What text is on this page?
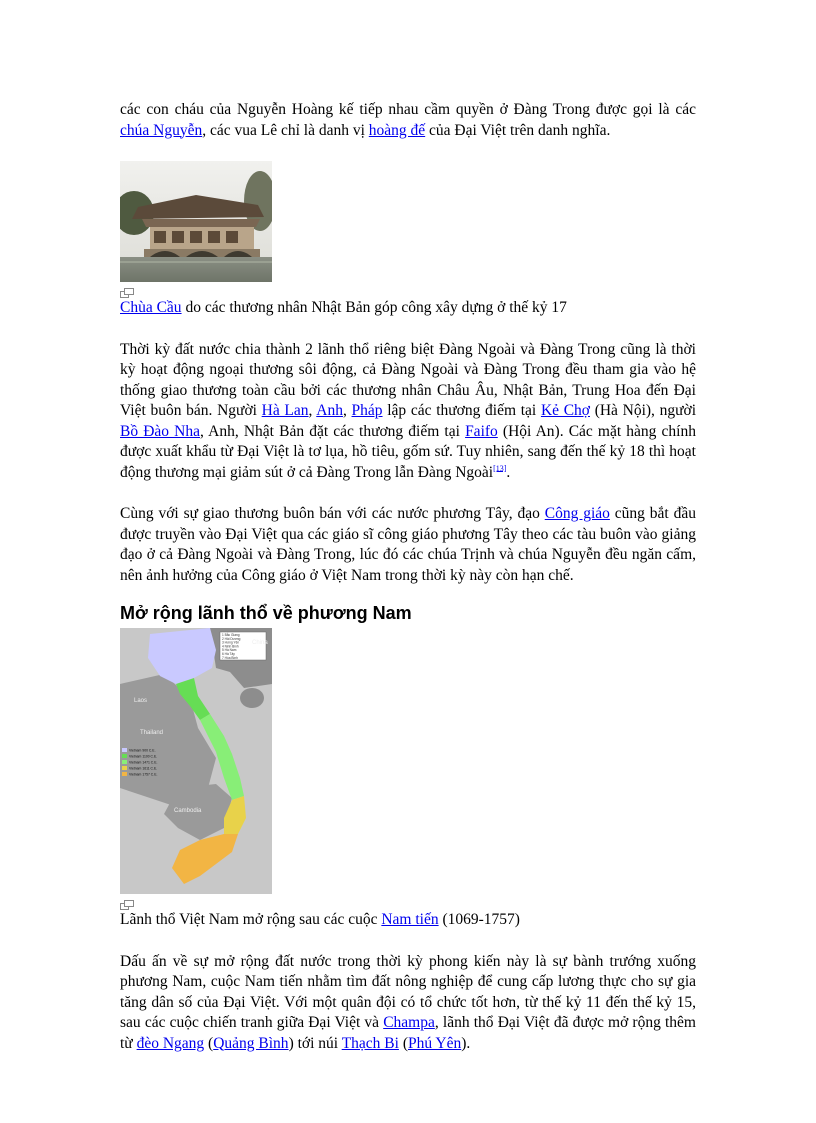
các con cháu của Nguyễn Hoàng kế tiếp nhau cầm quyền ở Đàng Trong được gọi là các chúa Nguyễn, các vua Lê chỉ là danh vị hoàng đế của Đại Việt trên danh nghĩa.

Chùa Cầu do các thương nhân Nhật Bản góp công xây dựng ở thế kỷ 17

Thời kỳ đất nước chia thành 2 lãnh thổ riêng biệt Đàng Ngoài và Đàng Trong cũng là thời kỳ hoạt động ngoại thương sôi động, cả Đàng Ngoài và Đàng Trong đều tham gia vào hệ thống giao thương toàn cầu bởi các thương nhân Châu Âu, Nhật Bản, Trung Hoa đến Đại Việt buôn bán. Người Hà Lan, Anh, Pháp lập các thương điếm tại Kẻ Chợ (Hà Nội), người Bồ Đào Nha, Anh, Nhật Bản đặt các thương điếm tại Faifo (Hội An). Các mặt hàng chính được xuất khẩu từ Đại Việt là tơ lụa, hồ tiêu, gốm sứ. Tuy nhiên, sang đến thế kỷ 18 thì hoạt động thương mại giảm sút ở cả Đàng Trong lẫn Đàng Ngoài[13].

Cùng với sự giao thương buôn bán với các nước phương Tây, đạo Công giáo cũng bắt đầu được truyền vào Đại Việt qua các giáo sĩ công giáo phương Tây theo các tàu buôn vào giảng đạo ở cả Đàng Ngoài và Đàng Trong, lúc đó các chúa Trịnh và chúa Nguyễn đều ngăn cấm, nên ảnh hưởng của Công giáo ở Việt Nam trong thời kỳ này còn hạn chế.

Mở rộng lãnh thổ về phương Nam
1 Bắc Giang
2 Hải Dương
3 Hưng Yên
4 Ninh Bình
5 Hà Nam
6 Hà Tây
7 Hòa Bình
China
Laos
Thailand
Cambodia
Vietnam 900 C.E.
Vietnam 1100 C.E.
Vietnam 1471 C.E.
Vietnam 1611 C.E.
Vietnam 1757 C.E.

Lãnh thổ Việt Nam mở rộng sau các cuộc Nam tiến (1069-1757)

Dấu ấn về sự mở rộng đất nước trong thời kỳ phong kiến này là sự bành trướng xuống phương Nam, cuộc Nam tiến nhằm tìm đất nông nghiệp để cung cấp lương thực cho sự gia tăng dân số của Đại Việt. Với một quân đội có tổ chức tốt hơn, từ thế kỷ 11 đến thế kỷ 15, sau các cuộc chiến tranh giữa Đại Việt và Champa, lãnh thổ Đại Việt đã được mở rộng thêm từ đèo Ngang (Quảng Bình) tới núi Thạch Bi (Phú Yên).
